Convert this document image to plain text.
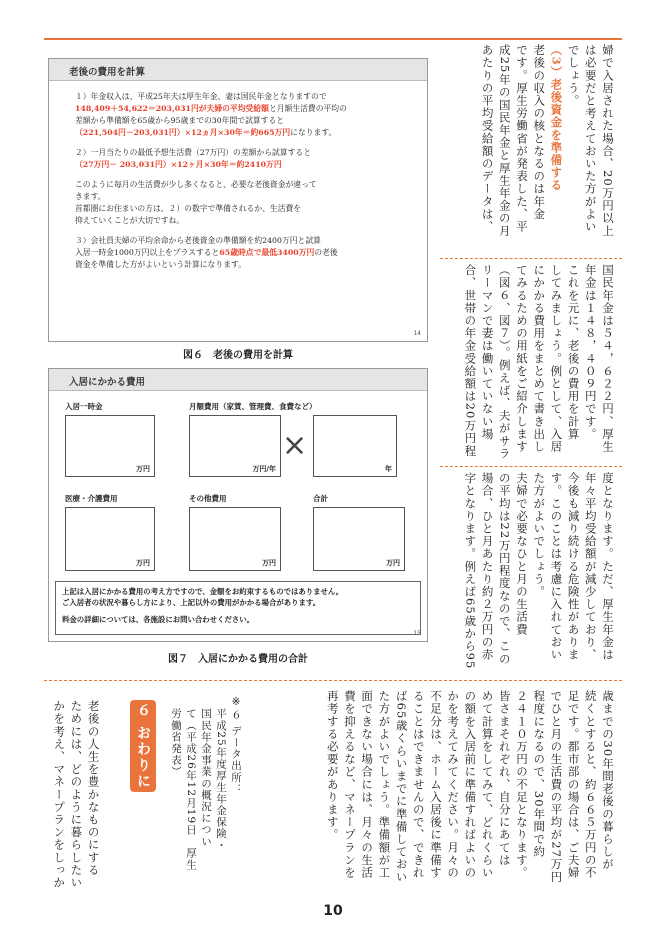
老後の費用を計算

１）年金収入は、平成25年夫は厚生年金、妻は国民年金となりますので
148,409＋54,622＝203,031円が夫婦の平均受給額と月額生活費の平均の
差額から準備額を65歳から95歳までの30年間で試算すると
（221,504円－203,031円）×12ヵ月×30年＝約665万円になります。

２）一月当たりの最低予想生活費（27万円）の差額から試算すると
（27万円－ 203,031円）×12ヶ月×30年＝約2410万円

このように毎月の生活費が少し多くなると、必要な老後資金が違って
きます。
首都圏にお住まいの方は、２）の数字で準備されるか、生活費を
抑えていくことが大切ですね。

３）会社員夫婦の平均余命から老後資金の準備額を約2400万円と試算
入居一時金1000万円以上をプラスすると65歳時点で最低3400万円の老後
資金を準備した方がよいという計算になります。

14
図６　老後の費用を計算
入居にかかる費用
入居一時金
万円
月額費用（家賃、管理費、食費など）
万円/年
×
年
医療・介護費用
万円
その他費用
万円
合計
万円
上記は入居にかかる費用の考え方ですので、金額をお約束するものではありません。
ご入居者の状況や暮らし方により、上記以外の費用がかかる場合があります。
料金の詳細については、各施設にお問い合わせください。
15
図７　入居にかかる費用の合計
婦で入居された場合、20万円以上
は必要だと考えておいた方がよい
でしょう。
（3）老後資金を準備する
老後の収入の核となるのは年金
です。厚生労働省が発表した、平
成25年の国民年金と厚生年金の月
あたりの平均受給額のデータは、
国民年金は５４，６２２円、厚生
年金は１４８，４０９円です。
これを元に、老後の費用を計算
してみましょう。例として、入居
にかかる費用をまとめて書き出し
てみるための用紙をご紹介します
（図６、図７）。例えば、夫がサラ
リーマンで妻は働いていない場
合、世帯の年金受給額は20万円程
度となります。ただ、厚生年金は
年々平均受給額が減少しており、
今後も減り続ける危険性がありま
す。このことは考慮に入れておい
た方がよいでしょう。
夫婦で必要なひと月の生活費
の平均は22万円程度なので、この
場合、ひと月あたり約２万円の赤
字となります。例えば65歳から95
歳までの30年間老後の暮らしが
続くとすると、約６６５万円の不
足です。都市部の場合は、ご夫婦
でひと月の生活費の平均が27万円
程度になるので、30年間で約
２４１０万円の不足となります。
皆さまそれぞれ、自分にあては
めて計算をしてみて、どれくらい
の額を入居前に準備すればよいの
かを考えてみてください。月々の
不足分は、ホーム入居後に準備す
ることはできませんので、できれ
ば65歳くらいまでに準備しておい
た方がよいでしょう。準備額が工
面できない場合には、月々の生活
費を抑えるなど、マネープランを
再考する必要があります。
※６ データ出所：
平成25年度厚生年金保険・
国民年金事業の概況につい
て（平成26年12月19日　厚生
労働省発表）
６ おわりに
老後の人生を豊かなものにする
ためには、どのように暮らしたい
かを考え、マネープランをしっか
10
